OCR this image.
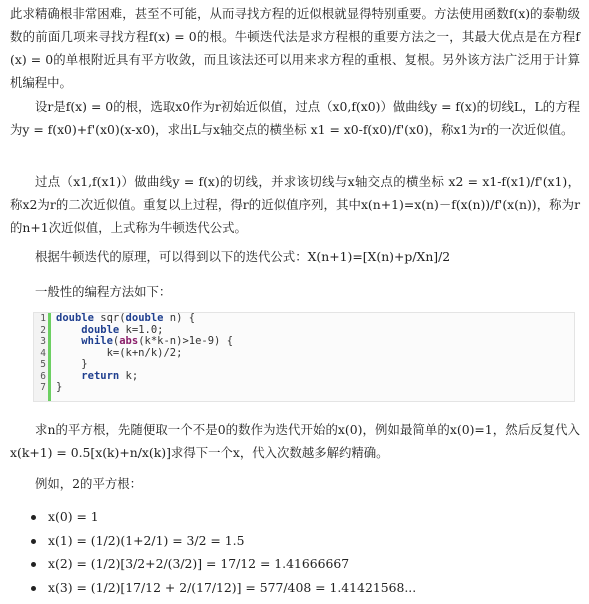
此求精确根非常困难，甚至不可能，从而寻找方程的近似根就显得特别重要。方法使用函数f(x)的泰勒级数的前面几项来寻找方程f(x) = 0的根。牛顿迭代法是求方程根的重要方法之一，其最大优点是在方程f(x) = 0的单根附近具有平方收敛，而且该法还可以用来求方程的重根、复根。另外该方法广泛用于计算机编程中。

设r是f(x) = 0的根，选取x0作为r初始近似值，过点（x0,f(x0)）做曲线y = f(x)的切线L，L的方程为y = f(x0)+f'(x0)(x-x0)，求出L与x轴交点的横坐标 x1 = x0-f(x0)/f'(x0)，称x1为r的一次近似值。

过点（x1,f(x1)）做曲线y = f(x)的切线，并求该切线与x轴交点的横坐标 x2 = x1-f(x1)/f'(x1)，称x2为r的二次近似值。重复以上过程，得r的近似值序列，其中x(n+1)=x(n)－f(x(n))/f'(x(n))，称为r的n+1次近似值，上式称为牛顿迭代公式。

根据牛顿迭代的原理，可以得到以下的迭代公式：X(n+1)=[X(n)+p/Xn]/2

一般性的编程方法如下：

1
2
3
4
5
6
7
double sqr(double n) {
double k=1.0;
while(abs(k*k-n)>1e-9) {
k=(k+n/k)/2;
}
return k;
}

求n的平方根，先随便取一个不是0的数作为迭代开始的x(0)，例如最简单的x(0)=1，然后反复代入x(k+1) = 0.5[x(k)+n/x(k)]求得下一个x，代入次数越多解约精确。

例如，2的平方根：

x(0) = 1
x(1) = (1/2)(1+2/1) = 3/2 = 1.5
x(2) = (1/2)[3/2+2/(3/2)] = 17/12 = 1.41666667
x(3) = (1/2)[17/12 + 2/(17/12)] = 577/408 = 1.41421568...
